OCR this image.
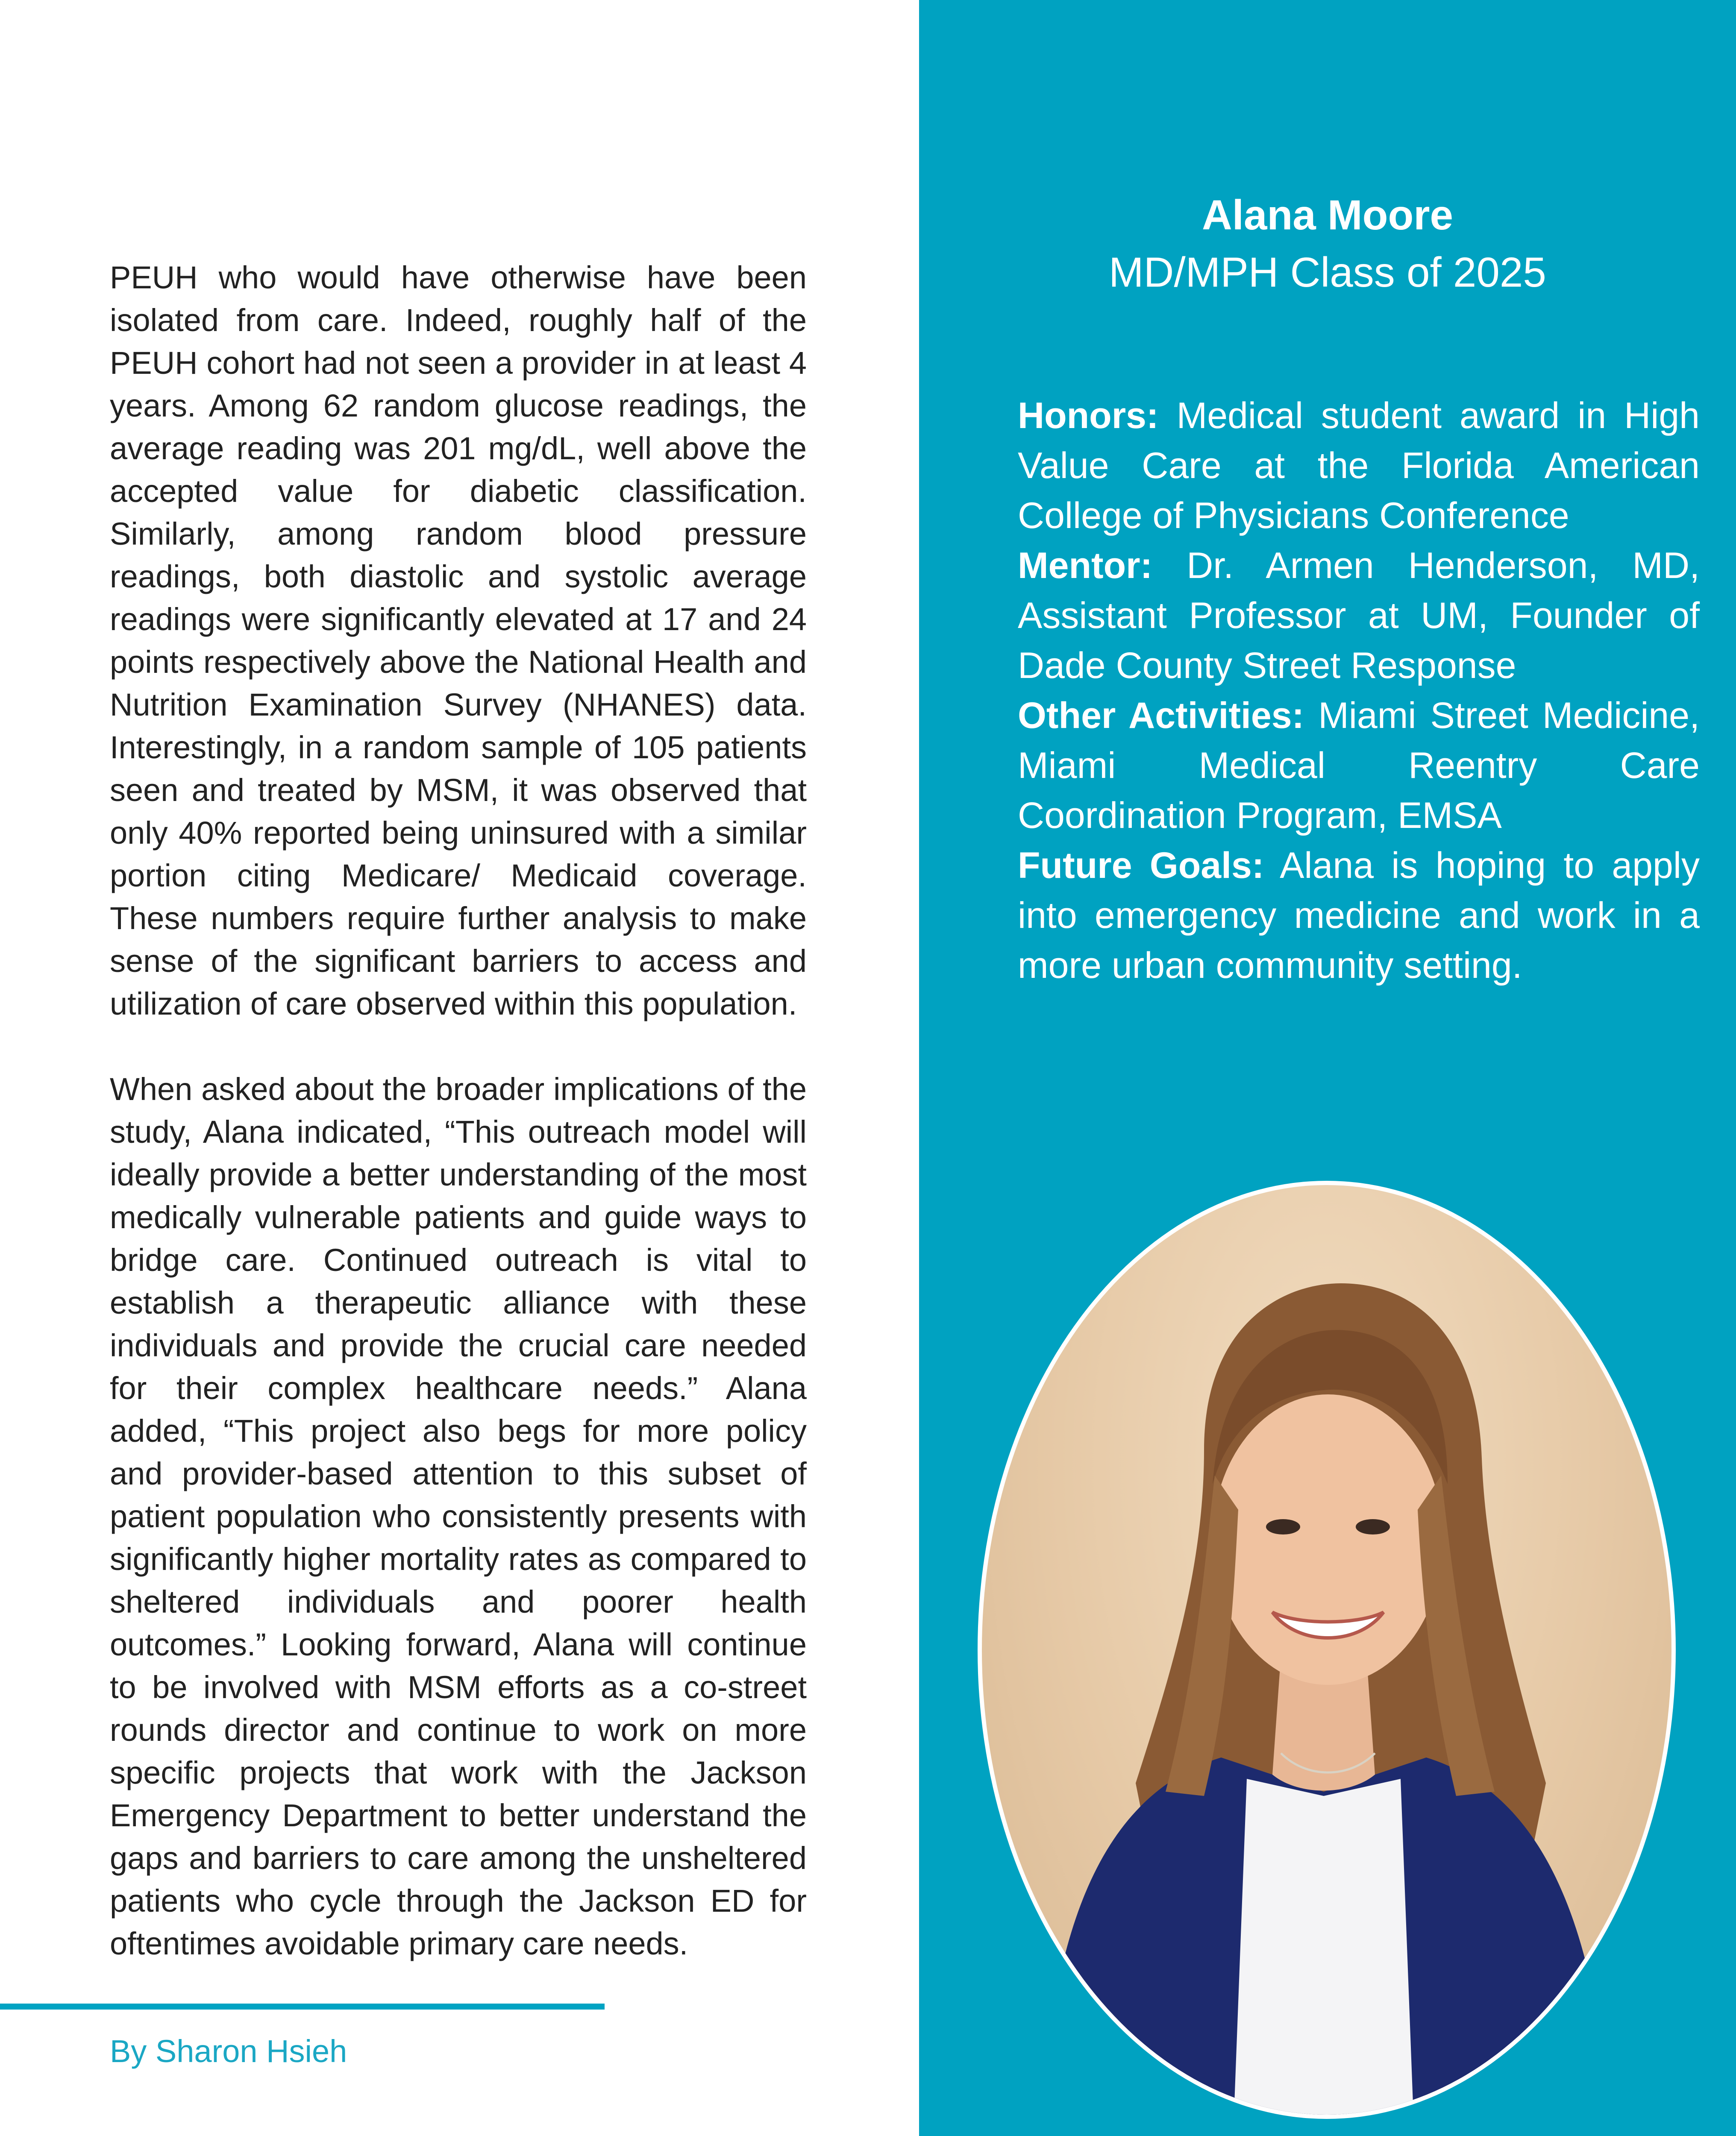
PEUH who would have otherwise have been isolated from care. Indeed, roughly half of the PEUH cohort had not seen a provider in at least 4 years. Among 62 random glucose readings, the average reading was 201 mg/dL, well above the accepted value for diabetic classification. Similarly, among random blood pressure readings, both diastolic and systolic average readings were significantly elevated at 17 and 24 points respectively above the National Health and Nutrition Examination Survey (NHANES) data. Interestingly, in a random sample of 105 patients seen and treated by MSM, it was observed that only 40% reported being uninsured with a similar portion citing Medicare/ Medicaid coverage. These numbers require further analysis to make sense of the significant barriers to access and utilization of care observed within this population.

When asked about the broader implications of the study, Alana indicated, “This outreach model will ideally provide a better understanding of the most medically vulnerable patients and guide ways to bridge care. Continued outreach is vital to establish a therapeutic alliance with these individuals and provide the crucial care needed for their complex healthcare needs.” Alana added, “This project also begs for more policy and provider-based attention to this subset of patient population who consistently presents with significantly higher mortality rates as compared to sheltered individuals and poorer health outcomes.” Looking forward, Alana will continue to be involved with MSM efforts as a co-street rounds director and continue to work on more specific projects that work with the Jackson Emergency Department to better understand the gaps and barriers to care among the unsheltered patients who cycle through the Jackson ED for oftentimes avoidable primary care needs.

By Sharon Hsieh
Alana Moore
MD/MPH Class of 2025

Honors: Medical student award in High Value Care at the Florida American College of Physicians Conference

Mentor: Dr. Armen Henderson, MD, Assistant Professor at UM, Founder of Dade County Street Response

Other Activities: Miami Street Medicine, Miami Medical Reentry Care Coordination Program, EMSA

Future Goals: Alana is hoping to apply into emergency medicine and work in a more urban community setting.
